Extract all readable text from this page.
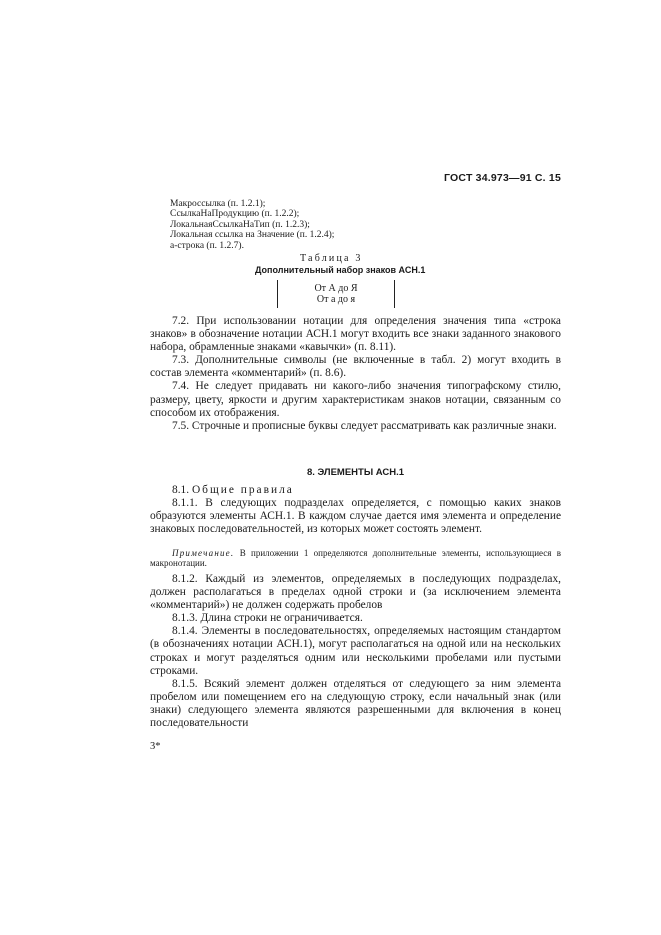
ГОСТ 34.973—91 С. 15
Макроссылка (п. 1.2.1);
СсылкаНаПродукцию (п. 1.2.2);
ЛокальнаяСсылкаНаТип (п. 1.2.3);
Локальная ссылка на Значение (п. 1.2.4);
а-строка (п. 1.2.7).
Таблица 3
Дополнительный набор знаков АСН.1
От А до Я
От а до я

7.2. При использовании нотации для определения значения типа «строка знаков» в обозначение нотации АСН.1 могут входить все знаки заданного знакового набора, обрамленные знаками «кавычки» (п. 8.11).

7.3. Дополнительные символы (не включенные в табл. 2) могут входить в состав элемента «комментарий» (п. 8.6).

7.4. Не следует придавать ни какого-либо значения типографскому стилю, размеру, цвету, яркости и другим характеристикам знаков нотации, связанным со способом их отображения.

7.5. Строчные и прописные буквы следует рассматривать как различные знаки.

8. ЭЛЕМЕНТЫ АСН.1

8.1. Общие правила

8.1.1. В следующих подразделах определяется, с помощью каких знаков образуются элементы АСН.1. В каждом случае дается имя элемента и определение знаковых последовательностей, из которых может состоять элемент.

Примечание. В приложении 1 определяются дополнительные элементы, использующиеся в макронотации.

8.1.2. Каждый из элементов, определяемых в последующих подразделах, должен располагаться в пределах одной строки и (за исключением элемента «комментарий») не должен содержать пробелов

8.1.3. Длина строки не ограничивается.

8.1.4. Элементы в последовательностях, определяемых настоящим стандартом (в обозначениях нотации АСН.1), могут располагаться на одной или на нескольких строках и могут разделяться одним или несколькими пробелами или пустыми строками.

8.1.5. Всякий элемент должен отделяться от следующего за ним элемента пробелом или помещением его на следующую строку, если начальный знак (или знаки) следующего элемента являются разрешенными для включения в конец последовательности

3*
